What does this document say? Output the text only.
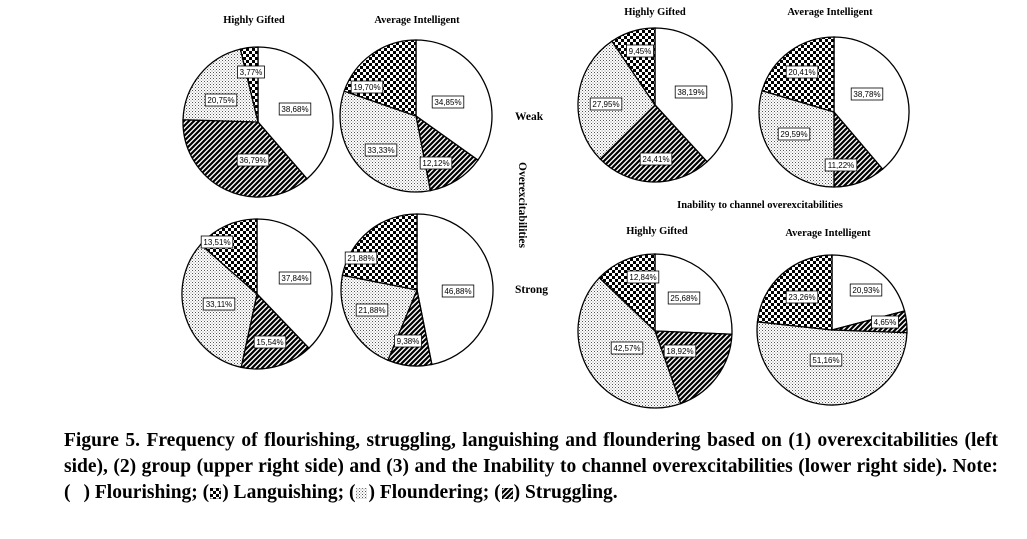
Highly Gifted	Average Intelligent
Highly Gifted	Average Intelligent
Highly Gifted	Average Intelligent
Weak
Strong
Overexcitabilities	Inability to channel overexcitabilities
38,68%
36,79%
20,75%
3,77%
34,85%
12,12%
33,33%
19,70%
37,84%
15,54%
33,11%
13,51%
46,88%
9,38%
21,88%
21,88%
38,19%
24,41%
27,95%
9,45%
38,78%
11,22%
29,59%
20,41%
25,68%
18,92%
42,57%
12,84%
20,93%
4,65%
51,16%
23,26%
Figure 5. Frequency of flourishing, struggling, languishing and floundering based on (1) overexcitabilities (left side), (2) group (upper right side) and (3) and the Inability to channel overexcitabilities (lower right side). Note: ( ) Flourishing; ( ) Languishing; ( ) Floundering; ( ) Struggling.
